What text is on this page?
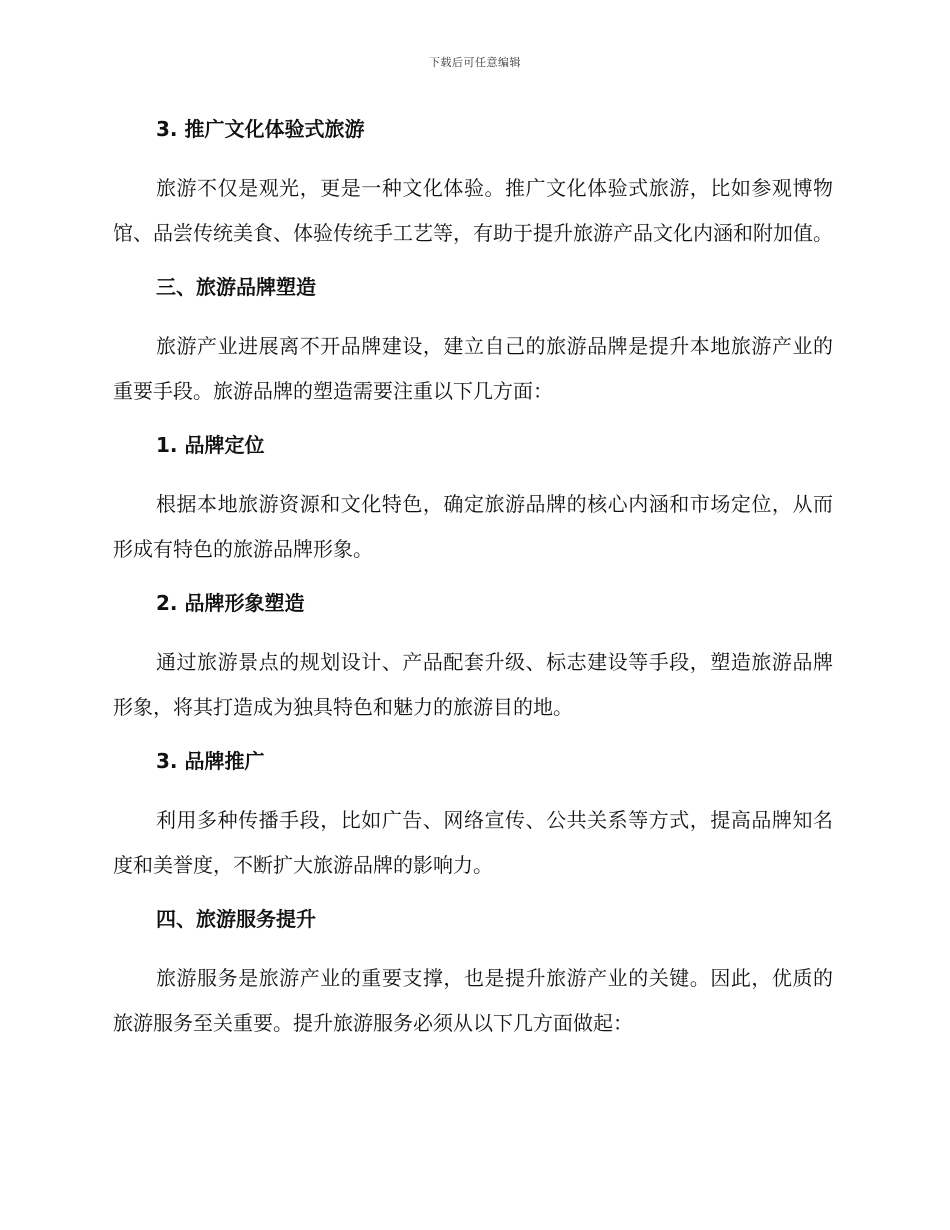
下载后可任意编辑
3. 推广文化体验式旅游
旅游不仅是观光，更是一种文化体验。推广文化体验式旅游，比如参观博物馆、品尝传统美食、体验传统手工艺等，有助于提升旅游产品文化内涵和附加值。
三、旅游品牌塑造
旅游产业进展离不开品牌建设，建立自己的旅游品牌是提升本地旅游产业的重要手段。旅游品牌的塑造需要注重以下几方面：
1. 品牌定位
根据本地旅游资源和文化特色，确定旅游品牌的核心内涵和市场定位，从而形成有特色的旅游品牌形象。
2. 品牌形象塑造
通过旅游景点的规划设计、产品配套升级、标志建设等手段，塑造旅游品牌形象，将其打造成为独具特色和魅力的旅游目的地。
3. 品牌推广
利用多种传播手段，比如广告、网络宣传、公共关系等方式，提高品牌知名度和美誉度，不断扩大旅游品牌的影响力。
四、旅游服务提升
旅游服务是旅游产业的重要支撑，也是提升旅游产业的关键。因此，优质的旅游服务至关重要。提升旅游服务必须从以下几方面做起：
